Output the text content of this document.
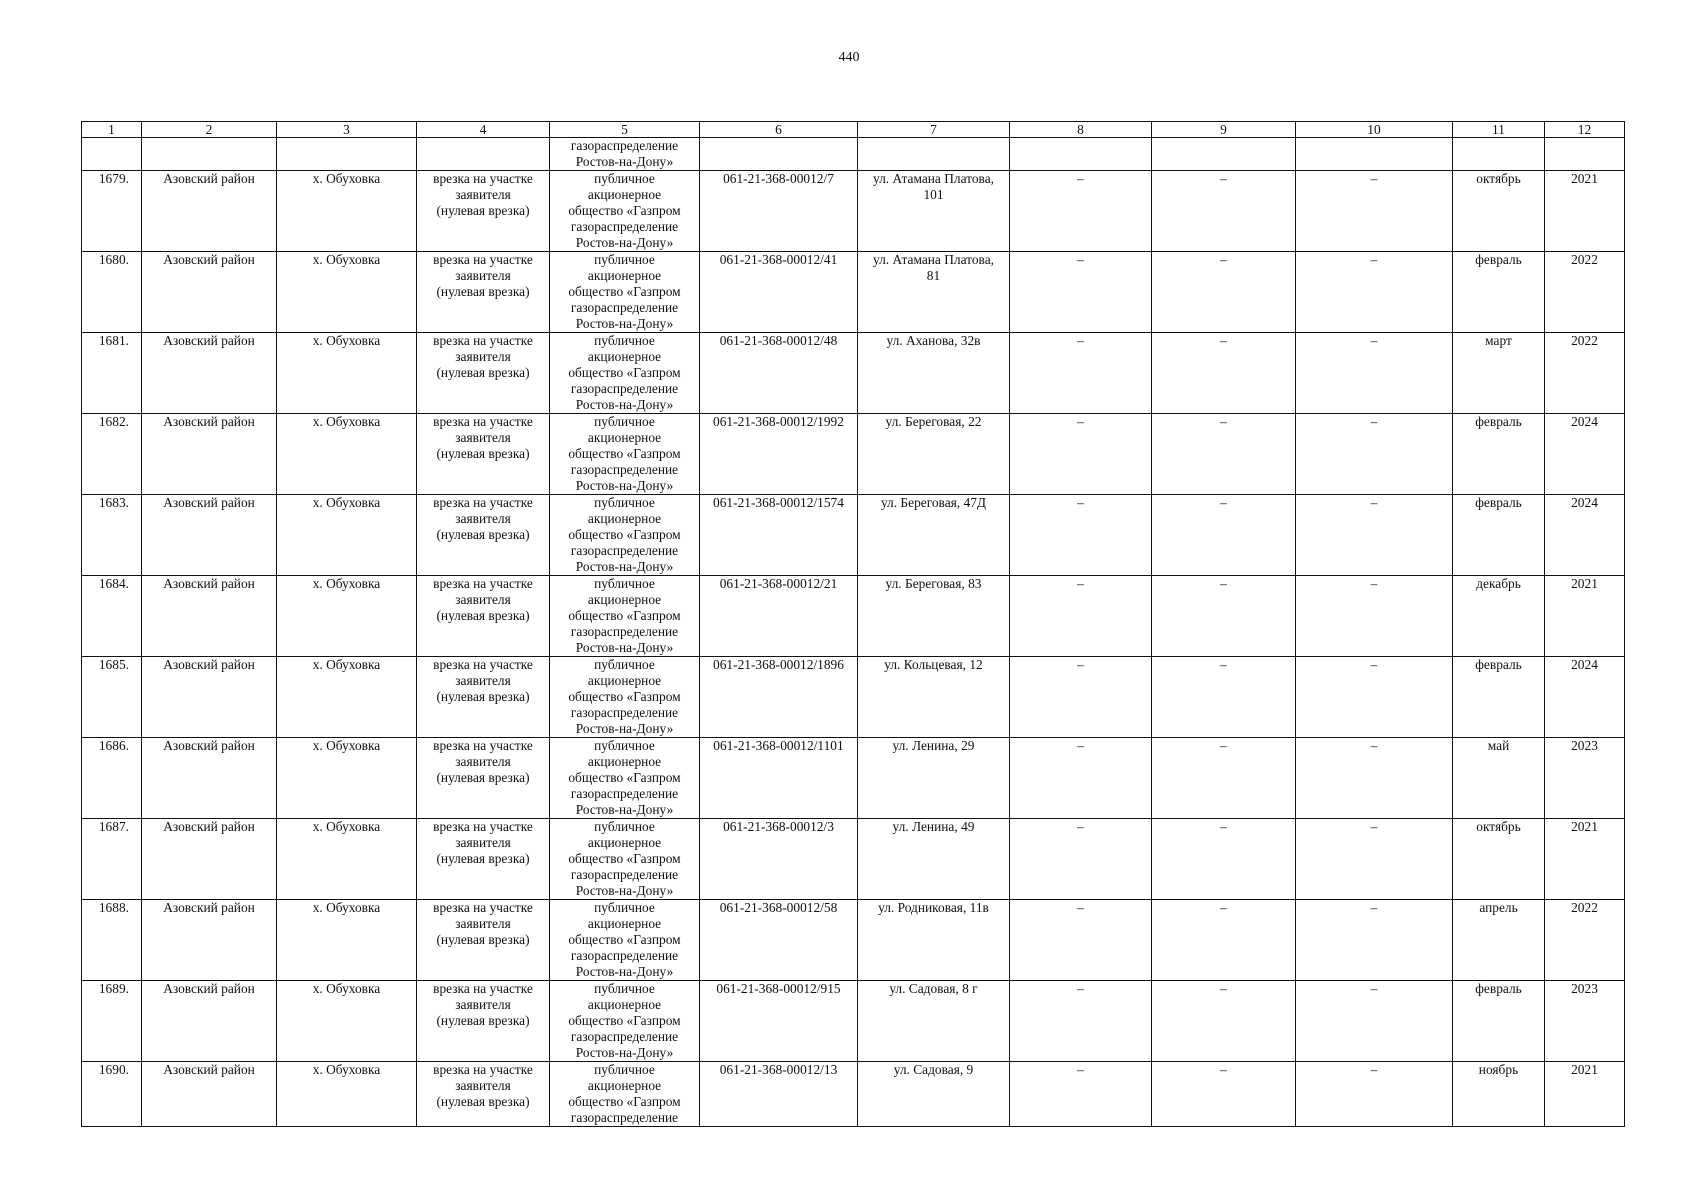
440
1	2	3	4	5	6	7	8	9	10	11	12
				газораспределение
Ростов-на-Дону»							
1679.	Азовский район	х. Обуховка	врезка на участке
заявителя
(нулевая врезка)	публичное
акционерное
общество «Газпром
газораспределение
Ростов-на-Дону»	061-21-368-00012/7	ул. Атамана Платова,
101	–	–	–	октябрь	2021
1680.	Азовский район	х. Обуховка	врезка на участке
заявителя
(нулевая врезка)	публичное
акционерное
общество «Газпром
газораспределение
Ростов-на-Дону»	061-21-368-00012/41	ул. Атамана Платова,
81	–	–	–	февраль	2022
1681.	Азовский район	х. Обуховка	врезка на участке
заявителя
(нулевая врезка)	публичное
акционерное
общество «Газпром
газораспределение
Ростов-на-Дону»	061-21-368-00012/48	ул. Аханова, 32в	–	–	–	март	2022
1682.	Азовский район	х. Обуховка	врезка на участке
заявителя
(нулевая врезка)	публичное
акционерное
общество «Газпром
газораспределение
Ростов-на-Дону»	061-21-368-00012/1992	ул. Береговая, 22	–	–	–	февраль	2024
1683.	Азовский район	х. Обуховка	врезка на участке
заявителя
(нулевая врезка)	публичное
акционерное
общество «Газпром
газораспределение
Ростов-на-Дону»	061-21-368-00012/1574	ул. Береговая, 47Д	–	–	–	февраль	2024
1684.	Азовский район	х. Обуховка	врезка на участке
заявителя
(нулевая врезка)	публичное
акционерное
общество «Газпром
газораспределение
Ростов-на-Дону»	061-21-368-00012/21	ул. Береговая, 83	–	–	–	декабрь	2021
1685.	Азовский район	х. Обуховка	врезка на участке
заявителя
(нулевая врезка)	публичное
акционерное
общество «Газпром
газораспределение
Ростов-на-Дону»	061-21-368-00012/1896	ул. Кольцевая, 12	–	–	–	февраль	2024
1686.	Азовский район	х. Обуховка	врезка на участке
заявителя
(нулевая врезка)	публичное
акционерное
общество «Газпром
газораспределение
Ростов-на-Дону»	061-21-368-00012/1101	ул. Ленина, 29	–	–	–	май	2023
1687.	Азовский район	х. Обуховка	врезка на участке
заявителя
(нулевая врезка)	публичное
акционерное
общество «Газпром
газораспределение
Ростов-на-Дону»	061-21-368-00012/3	ул. Ленина, 49	–	–	–	октябрь	2021
1688.	Азовский район	х. Обуховка	врезка на участке
заявителя
(нулевая врезка)	публичное
акционерное
общество «Газпром
газораспределение
Ростов-на-Дону»	061-21-368-00012/58	ул. Родниковая, 11в	–	–	–	апрель	2022
1689.	Азовский район	х. Обуховка	врезка на участке
заявителя
(нулевая врезка)	публичное
акционерное
общество «Газпром
газораспределение
Ростов-на-Дону»	061-21-368-00012/915	ул. Садовая, 8 г	–	–	–	февраль	2023
1690.	Азовский район	х. Обуховка	врезка на участке
заявителя
(нулевая врезка)	публичное
акционерное
общество «Газпром
газораспределение	061-21-368-00012/13	ул. Садовая, 9	–	–	–	ноябрь	2021
